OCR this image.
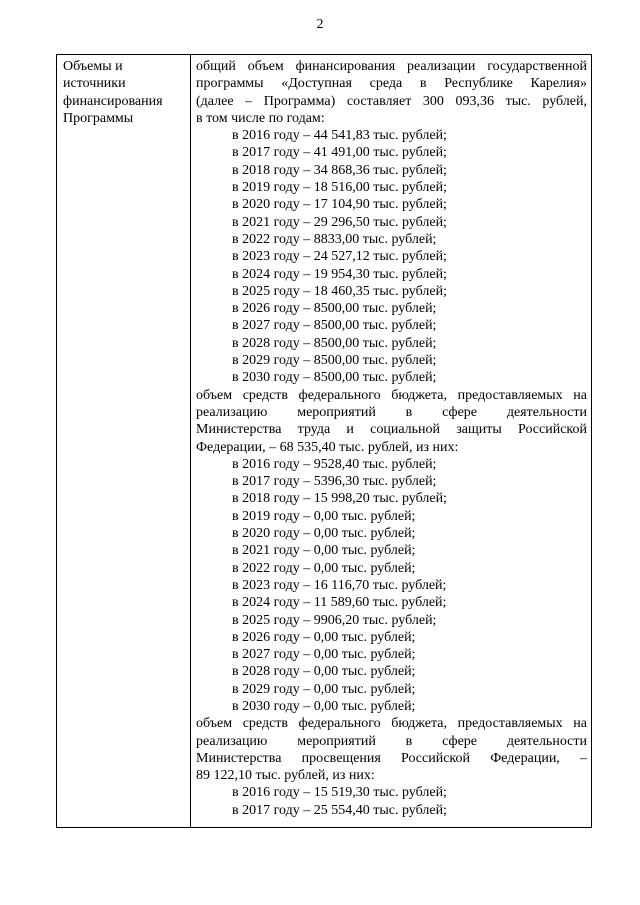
2
Объемы и
источники
финансирования
Программы
общий объем финансирования реализации государственной
программы «Доступная среда в Республике Карелия»
(далее – Программа) составляет 300 093,36 тыс. рублей,
в том числе по годам:
в 2016 году – 44 541,83 тыс. рублей;
в 2017 году – 41 491,00 тыс. рублей;
в 2018 году – 34 868,36 тыс. рублей;
в 2019 году – 18 516,00 тыс. рублей;
в 2020 году – 17 104,90 тыс. рублей;
в 2021 году – 29 296,50 тыс. рублей;
в 2022 году – 8833,00 тыс. рублей;
в 2023 году – 24 527,12 тыс. рублей;
в 2024 году – 19 954,30 тыс. рублей;
в 2025 году – 18 460,35 тыс. рублей;
в 2026 году – 8500,00 тыс. рублей;
в 2027 году – 8500,00 тыс. рублей;
в 2028 году – 8500,00 тыс. рублей;
в 2029 году – 8500,00 тыс. рублей;
в 2030 году – 8500,00 тыс. рублей;
объем средств федерального бюджета, предоставляемых на
реализацию мероприятий в сфере деятельности
Министерства труда и социальной защиты Российской
Федерации, – 68 535,40 тыс. рублей, из них:
в 2016 году – 9528,40 тыс. рублей;
в 2017 году – 5396,30 тыс. рублей;
в 2018 году – 15 998,20 тыс. рублей;
в 2019 году – 0,00 тыс. рублей;
в 2020 году – 0,00 тыс. рублей;
в 2021 году – 0,00 тыс. рублей;
в 2022 году – 0,00 тыс. рублей;
в 2023 году – 16 116,70 тыс. рублей;
в 2024 году – 11 589,60 тыс. рублей;
в 2025 году – 9906,20 тыс. рублей;
в 2026 году – 0,00 тыс. рублей;
в 2027 году – 0,00 тыс. рублей;
в 2028 году – 0,00 тыс. рублей;
в 2029 году – 0,00 тыс. рублей;
в 2030 году – 0,00 тыс. рублей;
объем средств федерального бюджета, предоставляемых на
реализацию мероприятий в сфере деятельности
Министерства просвещения Российской Федерации, –
89 122,10 тыс. рублей, из них:
в 2016 году – 15 519,30 тыс. рублей;
в 2017 году – 25 554,40 тыс. рублей;
